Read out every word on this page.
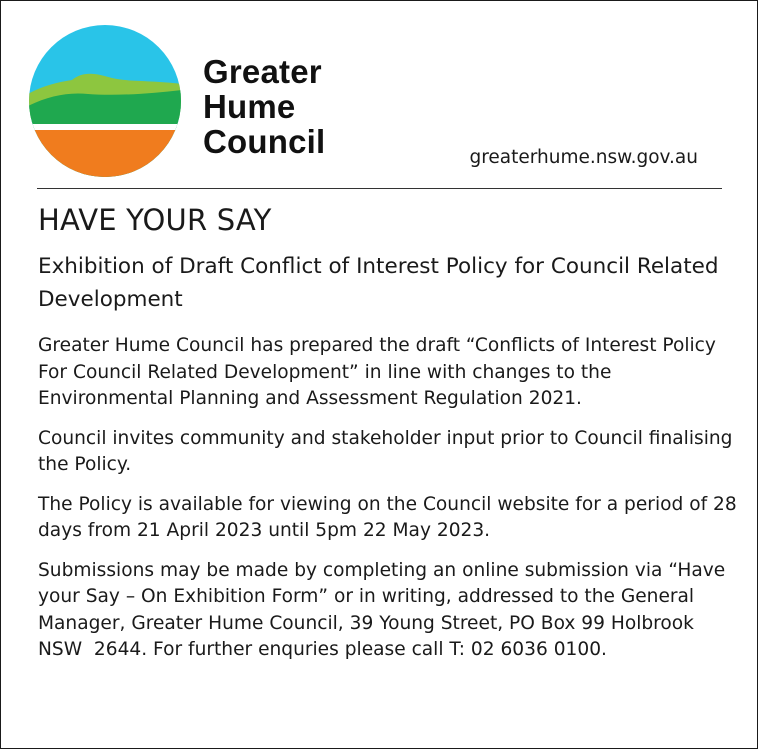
Greater
Hume
Council	greaterhume.nsw.gov.au
HAVE YOUR SAY
Exhibition of Draft Conflict of Interest Policy for Council Related Development

Greater Hume Council has prepared the draft “Conflicts of Interest Policy For Council Related Development” in line with changes to the Environmental Planning and Assessment Regulation 2021.

Council invites community and stakeholder input prior to Council finalising the Policy.

The Policy is available for viewing on the Council website for a period of 28 days from 21 April 2023 until 5pm 22 May 2023.

Submissions may be made by completing an online submission via “Have your Say – On Exhibition Form” or in writing, addressed to the General Manager, Greater Hume Council, 39 Young Street, PO Box 99 Holbrook NSW  2644. For further enquries please call T: 02 6036 0100.
